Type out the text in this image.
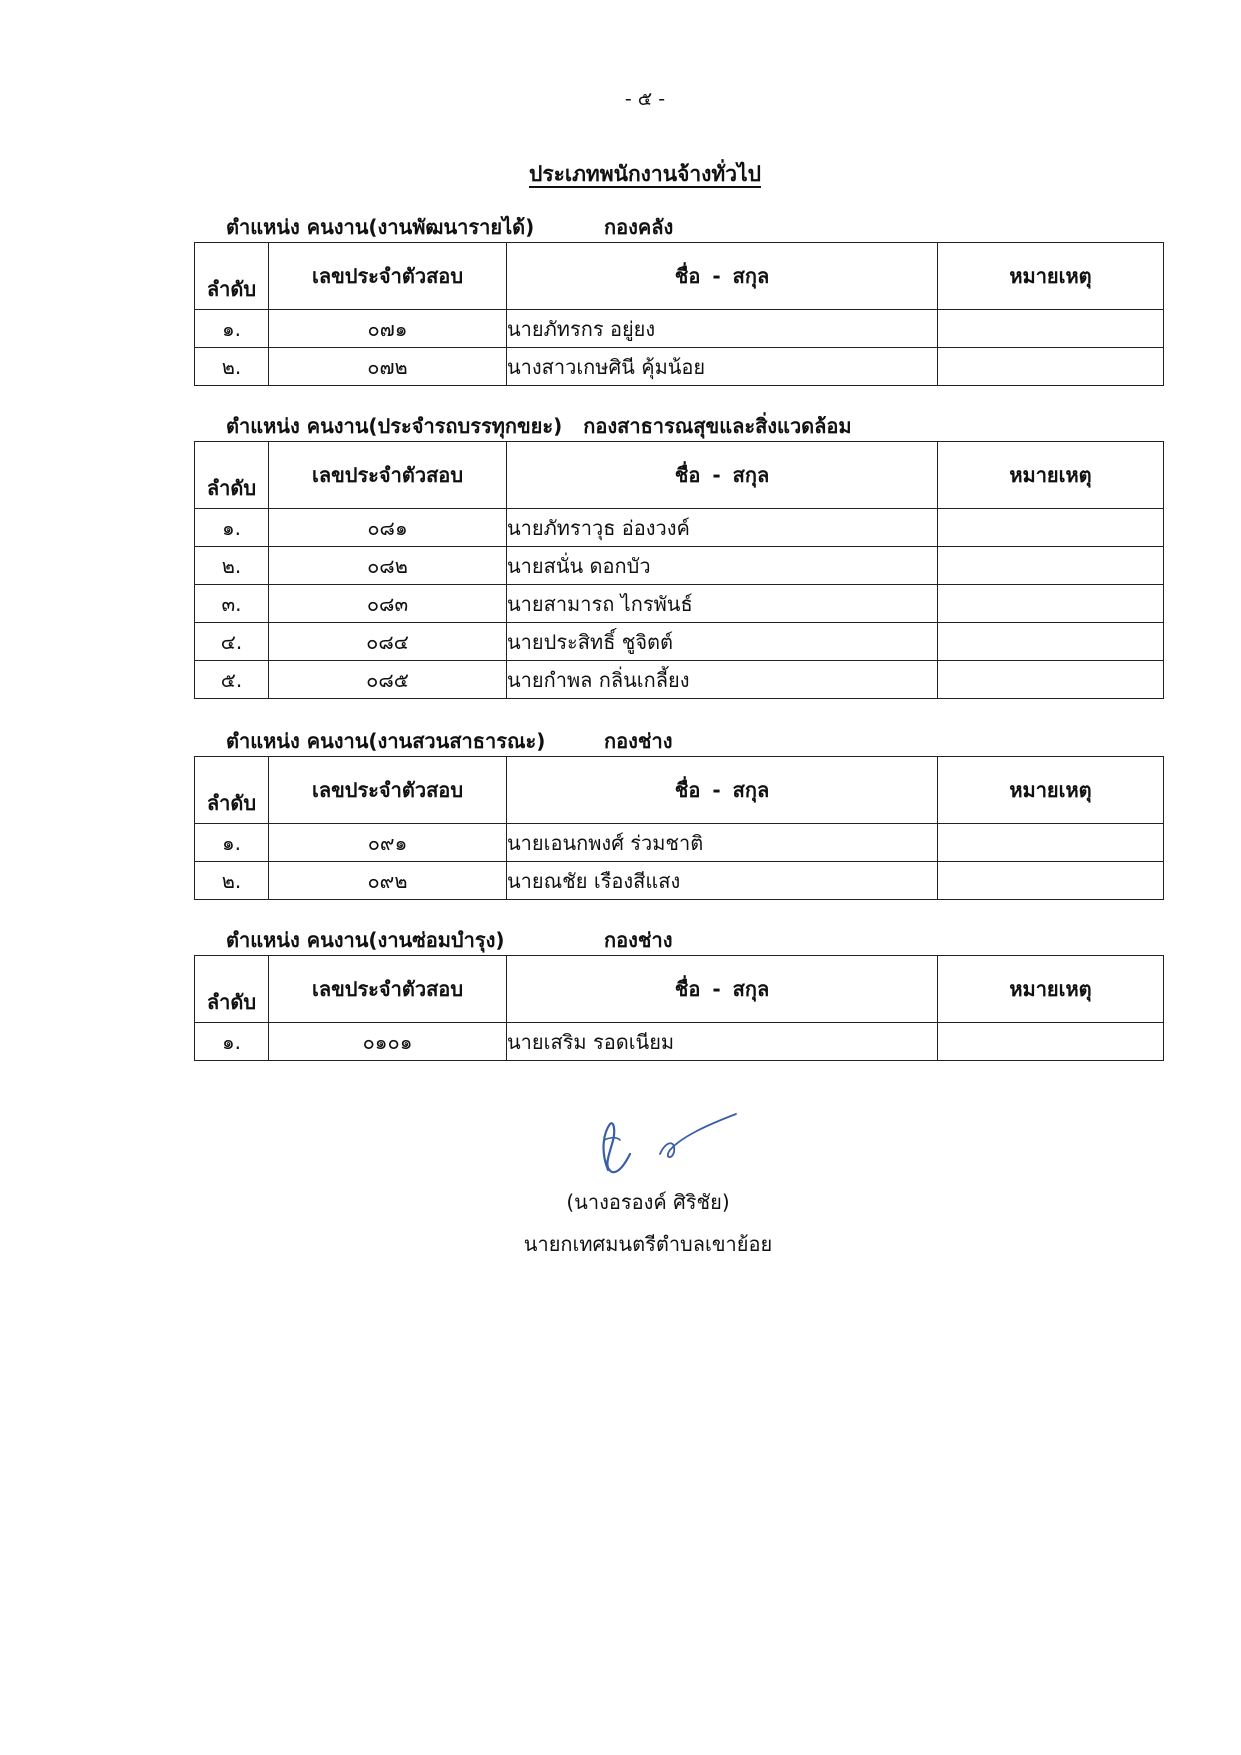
- ๕ -
ประเภทพนักงานจ้างทั่วไป
ตำแหน่ง คนงาน(งานพัฒนารายได้)	กองคลัง
ลำดับ	เลขประจำตัวสอบ	ชื่อ - สกุล	หมายเหตุ
๑.	๐๗๑	นายภัทรกร อยู่ยง	
๒.	๐๗๒	นางสาวเกษศินี คุ้มน้อย	
ตำแหน่ง คนงาน(ประจำรถบรรทุกขยะ) กองสาธารณสุขและสิ่งแวดล้อม
ลำดับ	เลขประจำตัวสอบ	ชื่อ - สกุล	หมายเหตุ
๑.	๐๘๑	นายภัทราวุธ อ่องวงค์	
๒.	๐๘๒	นายสนั่น ดอกบัว	
๓.	๐๘๓	นายสามารถ ไกรพันธ์	
๔.	๐๘๔	นายประสิทธิ์ ชูจิตต์	
๕.	๐๘๕	นายกำพล กลิ่นเกลี้ยง	
ตำแหน่ง คนงาน(งานสวนสาธารณะ)	กองช่าง
ลำดับ	เลขประจำตัวสอบ	ชื่อ - สกุล	หมายเหตุ
๑.	๐๙๑	นายเอนกพงศ์ ร่วมชาติ	
๒.	๐๙๒	นายณชัย เรืองสีแสง	
ตำแหน่ง คนงาน(งานซ่อมบำรุง)	กองช่าง
ลำดับ	เลขประจำตัวสอบ	ชื่อ - สกุล	หมายเหตุ
๑.	๐๑๐๑	นายเสริม รอดเนียม	
(นางอรองค์ ศิริชัย)
นายกเทศมนตรีตำบลเขาย้อย
